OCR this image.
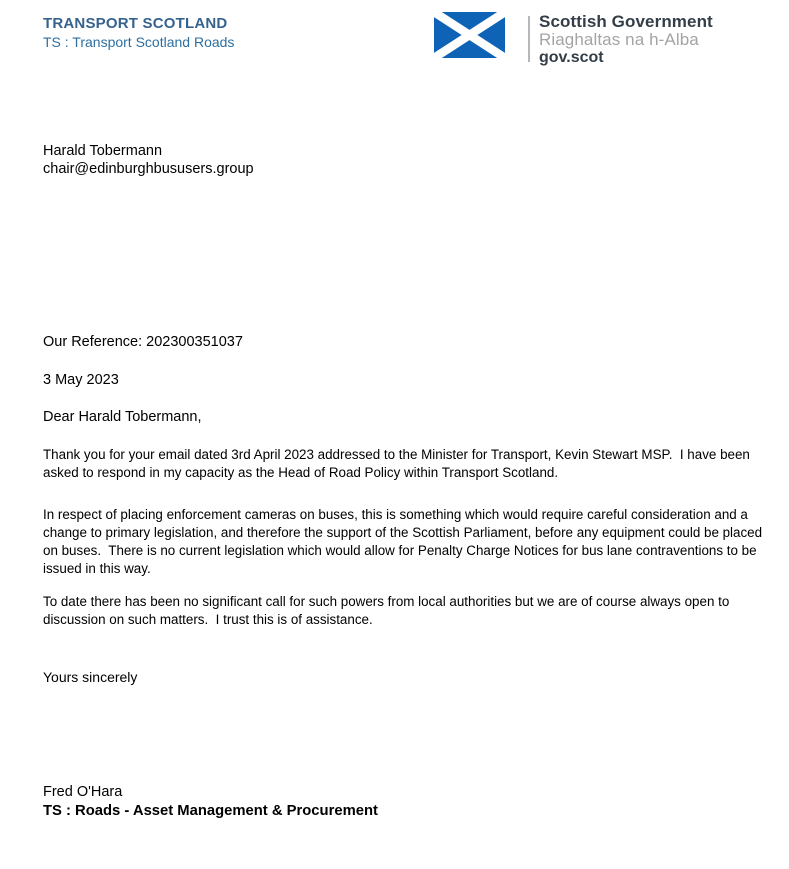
TRANSPORT SCOTLAND
TS : Transport Scotland Roads
Scottish Government
Riaghaltas na h-Alba
gov.scot
Harald Tobermann
chair@edinburghbususers.group
Our Reference: 202300351037
3 May 2023
Dear Harald Tobermann,

Thank you for your email dated 3rd April 2023 addressed to the Minister for Transport, Kevin Stewart MSP.  I have been asked to respond in my capacity as the Head of Road Policy within Transport Scotland.

In respect of placing enforcement cameras on buses, this is something which would require careful consideration and a change to primary legislation, and therefore the support of the Scottish Parliament, before any equipment could be placed on buses.  There is no current legislation which would allow for Penalty Charge Notices for bus lane contraventions to be issued in this way.

To date there has been no significant call for such powers from local authorities but we are of course always open to discussion on such matters.  I trust this is of assistance.

Yours sincerely
Fred O'Hara
TS : Roads - Asset Management & Procurement
